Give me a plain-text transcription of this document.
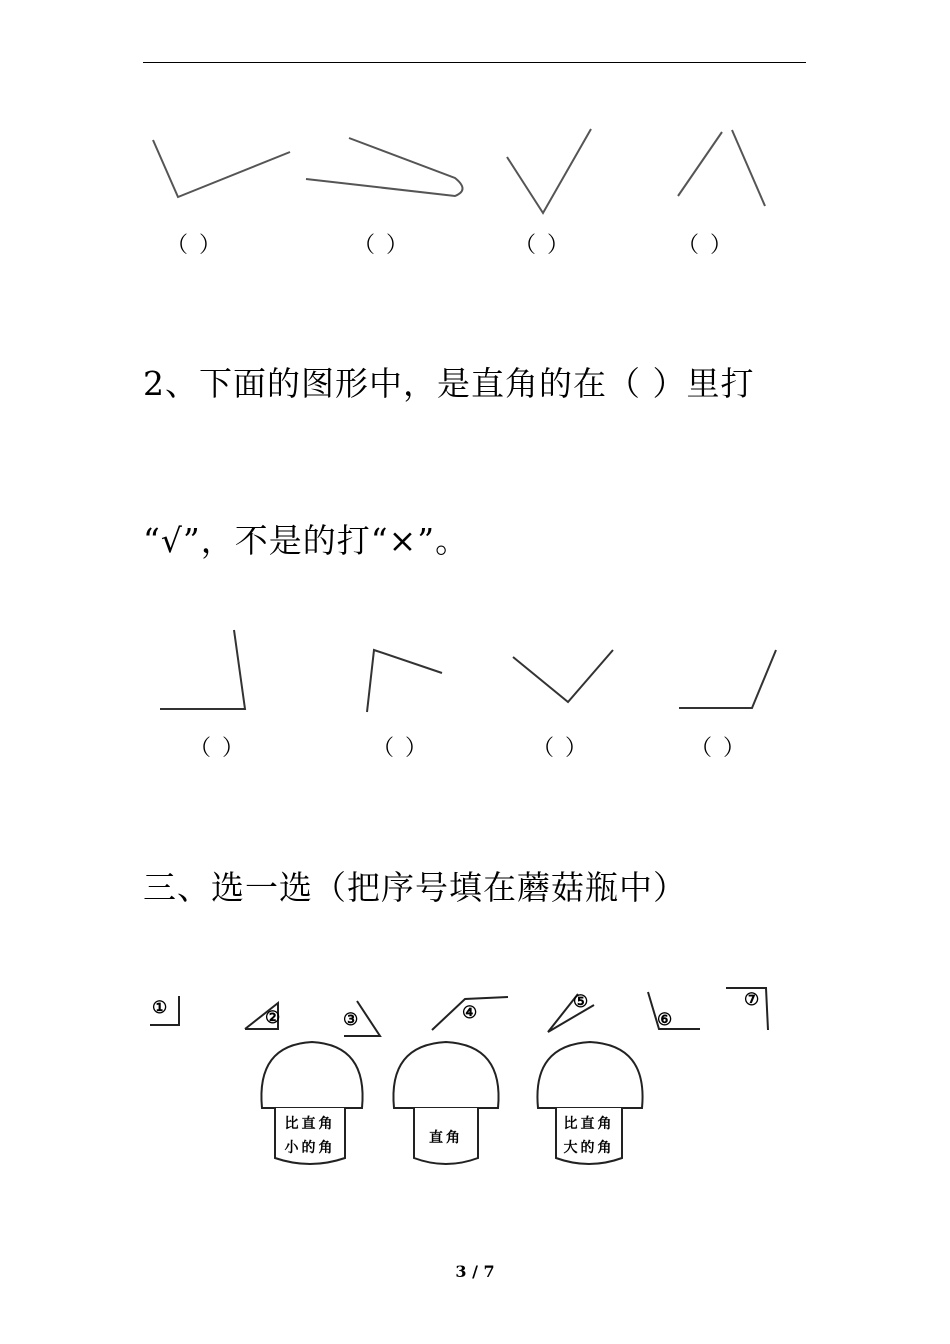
（ ）	（ ）	（ ）	（ ）
2、下面的图形中，是直角的在（ ）里打
“√”，不是的打“×”。
（ ）	（ ）	（ ）	（ ）
三、选一选（把序号填在蘑菇瓶中）
①	②	③	④
⑤
⑥
⑦
比直角
小的角
直角
比直角
大的角
3 / 7
